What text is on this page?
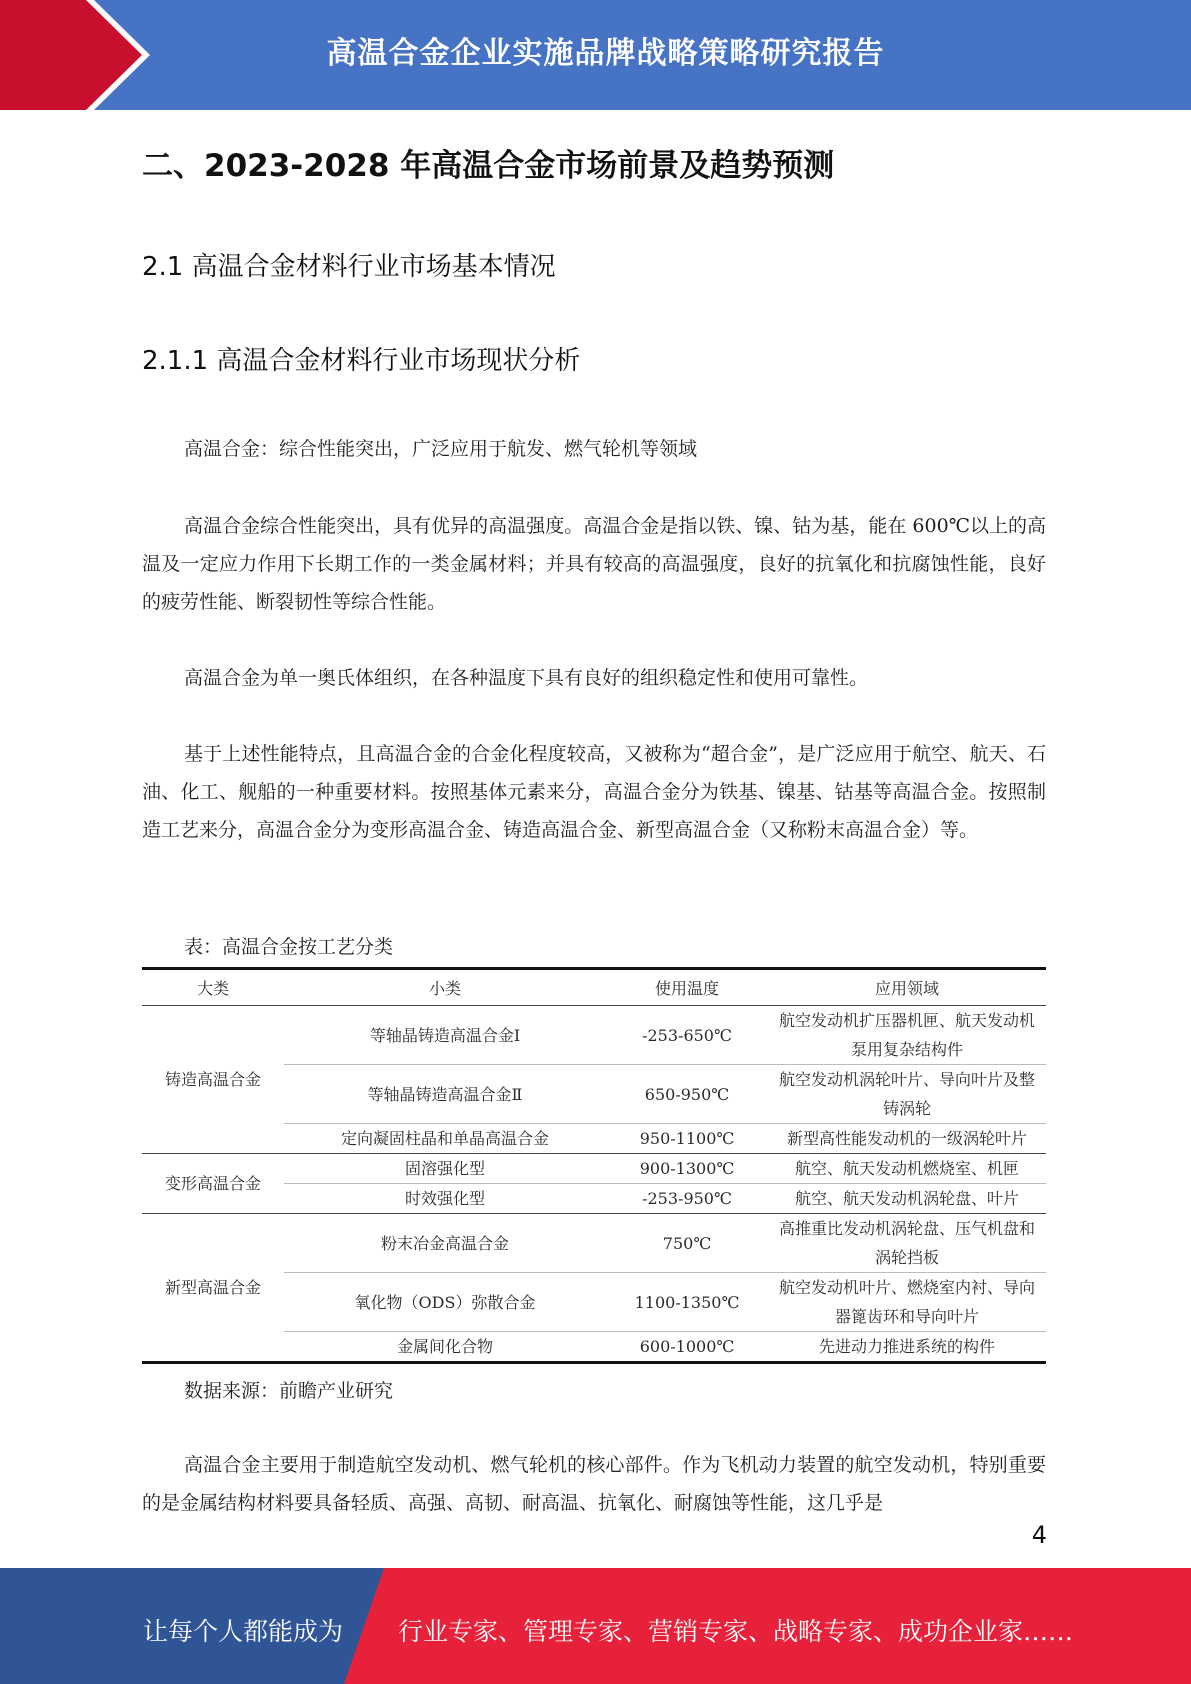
高温合金企业实施品牌战略策略研究报告
二、2023-2028 年高温合金市场前景及趋势预测
2.1 高温合金材料行业市场基本情况
2.1.1 高温合金材料行业市场现状分析
高温合金：综合性能突出，广泛应用于航发、燃气轮机等领域
高温合金综合性能突出，具有优异的高温强度。高温合金是指以铁、镍、钴为基，能在 600℃以上的高温及一定应力作用下长期工作的一类金属材料；并具有较高的高温强度，良好的抗氧化和抗腐蚀性能，良好的疲劳性能、断裂韧性等综合性能。
高温合金为单一奥氏体组织，在各种温度下具有良好的组织稳定性和使用可靠性。
基于上述性能特点，且高温合金的合金化程度较高，又被称为“超合金”，是广泛应用于航空、航天、石油、化工、舰船的一种重要材料。按照基体元素来分，高温合金分为铁基、镍基、钴基等高温合金。按照制造工艺来分，高温合金分为变形高温合金、铸造高温合金、新型高温合金（又称粉末高温合金）等。
表：高温合金按工艺分类
大类	小类	使用温度	应用领域
铸造高温合金	等轴晶铸造高温合金Ⅰ	-253-650℃	航空发动机扩压器机匣、航天发动机泵用复杂结构件
	等轴晶铸造高温合金Ⅱ	650-950℃	航空发动机涡轮叶片、导向叶片及整铸涡轮
	定向凝固柱晶和单晶高温合金	950-1100℃	新型高性能发动机的一级涡轮叶片
变形高温合金	固溶强化型	900-1300℃	航空、航天发动机燃烧室、机匣
	时效强化型	-253-950℃	航空、航天发动机涡轮盘、叶片
新型高温合金	粉末冶金高温合金	750℃	高推重比发动机涡轮盘、压气机盘和涡轮挡板
	氧化物（ODS）弥散合金	1100-1350℃	航空发动机叶片、燃烧室内衬、导向器篦齿环和导向叶片
	金属间化合物	600-1000℃	先进动力推进系统的构件
数据来源：前瞻产业研究
高温合金主要用于制造航空发动机、燃气轮机的核心部件。作为飞机动力装置的航空发动机，特别重要的是金属结构材料要具备轻质、高强、高韧、耐高温、抗氧化、耐腐蚀等性能，这几乎是
4
让每个人都能成为 行业专家、管理专家、营销专家、战略专家、成功企业家……
